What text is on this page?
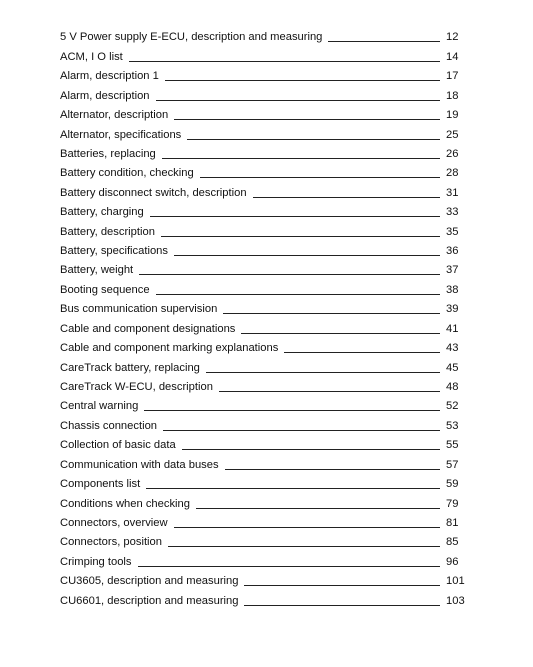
5 V Power supply E-ECU, description and measuring	12
ACM, I O list	14
Alarm, description 1	17
Alarm, description	18
Alternator, description	19
Alternator, specifications	25
Batteries, replacing	26
Battery condition, checking	28
Battery disconnect switch, description	31
Battery, charging	33
Battery, description	35
Battery, specifications	36
Battery, weight	37
Booting sequence	38
Bus communication supervision	39
Cable and component designations	41
Cable and component marking explanations	43
CareTrack battery, replacing	45
CareTrack W-ECU, description	48
Central warning	52
Chassis connection	53
Collection of basic data	55
Communication with data buses	57
Components list	59
Conditions when checking	79
Connectors, overview	81
Connectors, position	85
Crimping tools	96
CU3605, description and measuring	101
CU6601, description and measuring	103
